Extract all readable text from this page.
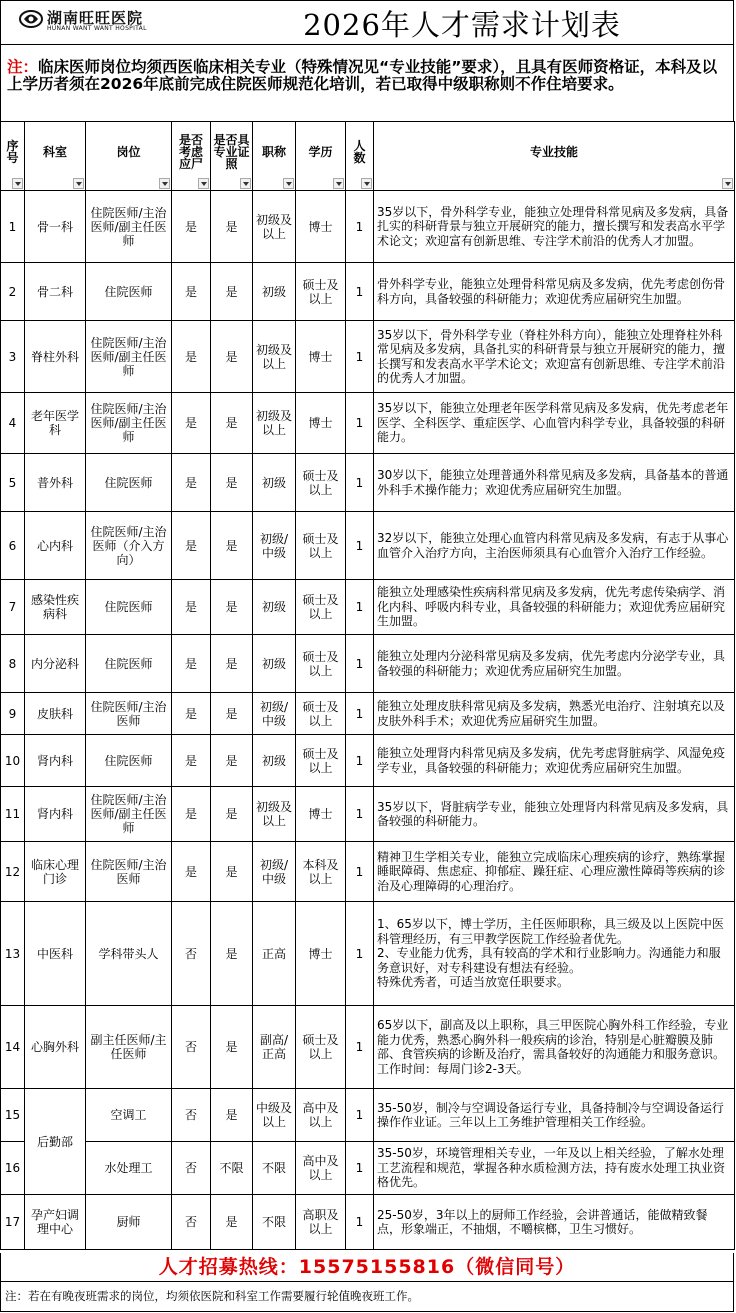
湖南旺旺医院
HUNAN WANT WANT HOSPITAL	2026年人才需求计划表
注：临床医师岗位均须西医临床相关专业（特殊情况见“专业技能”要求），且具有医师资格证，本科及以上学历者须在2026年底前完成住院医师规范化培训，若已取得中级职称则不作住培要求。
序号	科室	岗位	是否考虑应尸	是否具专业证照	职称	学历	人数	专业技能

1	骨一科	住院医师/主治医师/副主任医师	是	是	初级及以上	博士	1	35岁以下，骨外科学专业，能独立处理骨科常见病及多发病，具备扎实的科研背景与独立开展研究的能力，擅长撰写和发表高水平学术论文；欢迎富有创新思维、专注学术前沿的优秀人才加盟。
2	骨二科	住院医师	是	是	初级	硕士及以上	1	骨外科学专业，能独立处理骨科常见病及多发病，优先考虑创伤骨科方向，具备较强的科研能力；欢迎优秀应届研究生加盟。
3	脊柱外科	住院医师/主治医师/副主任医师	是	是	初级及以上	博士	1	35岁以下，骨外科学专业（脊柱外科方向），能独立处理脊柱外科常见病及多发病，具备扎实的科研背景与独立开展研究的能力，擅长撰写和发表高水平学术论文；欢迎富有创新思维、专注学术前沿的优秀人才加盟。
4	老年医学科	住院医师/主治医师/副主任医师	是	是	初级及以上	博士	1	35岁以下，能独立处理老年医学科常见病及多发病，优先考虑老年医学、全科医学、重症医学、心血管内科学专业，具备较强的科研能力。
5	普外科	住院医师	是	是	初级	硕士及以上	1	30岁以下，能独立处理普通外科常见病及多发病，具备基本的普通外科手术操作能力；欢迎优秀应届研究生加盟。
6	心内科	住院医师/主治医师（介入方向）	是	是	初级/中级	硕士及以上	1	32岁以下，能独立处理心血管内科常见病及多发病，有志于从事心血管介入治疗方向，主治医师须具有心血管介入治疗工作经验。
7	感染性疾病科	住院医师	是	是	初级	硕士及以上	1	能独立处理感染性疾病科常见病及多发病，优先考虑传染病学、消化内科、呼吸内科专业，具备较强的科研能力；欢迎优秀应届研究生加盟。
8	内分泌科	住院医师	是	是	初级	硕士及以上	1	能独立处理内分泌科常见病及多发病，优先考虑内分泌学专业，具备较强的科研能力；欢迎优秀应届研究生加盟。
9	皮肤科	住院医师/主治医师	是	是	初级/中级	硕士及以上	1	能独立处理皮肤科常见病及多发病，熟悉光电治疗、注射填充以及皮肤外科手术；欢迎优秀应届研究生加盟。
10	肾内科	住院医师	是	是	初级	硕士及以上	1	能独立处理肾内科常见病及多发病，优先考虑肾脏病学、风湿免疫学专业，具备较强的科研能力；欢迎优秀应届研究生加盟。
11	肾内科	住院医师/主治医师/副主任医师	是	是	初级及以上	博士	1	35岁以下，肾脏病学专业，能独立处理肾内科常见病及多发病，具备较强的科研能力。
12	临床心理门诊	住院医师/主治医师	是	是	初级/中级	本科及以上	1	精神卫生学相关专业，能独立完成临床心理疾病的诊疗，熟练掌握睡眠障碍、焦虑症、抑郁症、躁狂症、心理应激性障碍等疾病的诊治及心理障碍的心理治疗。
13	中医科	学科带头人	否	是	正高	博士	1	1、65岁以下，博士学历，主任医师职称，具三级及以上医院中医科管理经历，有三甲教学医院工作经验者优先。
2、专业能力优秀，具有较高的学术和行业影响力。沟通能力和服务意识好，对专科建设有想法有经验。
特殊优秀者，可适当放宽任职要求。

14	心胸外科	副主任医师/主任医师	否	是	副高/正高	硕士及以上	1	65岁以下，副高及以上职称，具三甲医院心胸外科工作经验，专业能力优秀，熟悉心胸外科一般疾病的诊治，特别是心脏瓣膜及肺部、食管疾病的诊断及治疗，需具备较好的沟通能力和服务意识。
工作时间：每周门诊2-3天。

15	后勤部	空调工	否	是	中级及以上	高中及以上	1	35-50岁，制冷与空调设备运行专业，具备持制冷与空调设备运行操作作业证。三年以上工务维护管理相关工作经验。
16		水处理工	否	不限	不限	高中及以上	1	35-50岁，环境管理相关专业，一年及以上相关经验，了解水处理工艺流程和规范，掌握各种水质检测方法，持有废水处理工执业资格优先。
17	孕产妇调理中心	厨师	否	是	不限	高职及以上	1	25-50岁，3年以上的厨师工作经验，会讲普通话，能做精致餐点，形象端正，不抽烟，不嚼槟榔，卫生习惯好。
人才招募热线：15575155816（微信同号）
注：若在有晚夜班需求的岗位，均须依医院和科室工作需要履行轮值晚夜班工作。
